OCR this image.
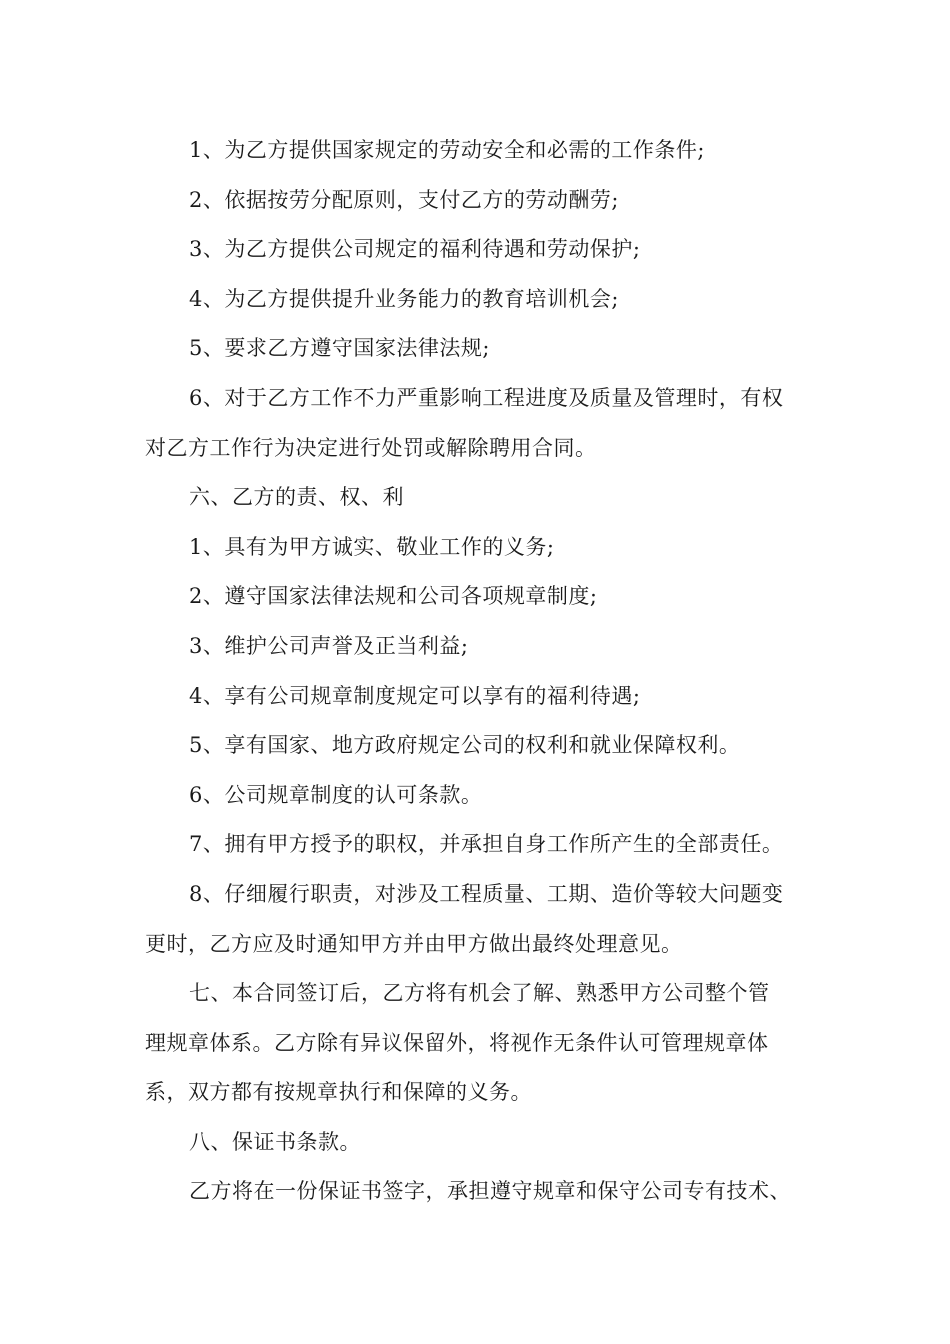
1、为乙方提供国家规定的劳动安全和必需的工作条件;
2、依据按劳分配原则，支付乙方的劳动酬劳;
3、为乙方提供公司规定的福利待遇和劳动保护;
4、为乙方提供提升业务能力的教育培训机会;
5、要求乙方遵守国家法律法规;
6、对于乙方工作不力严重影响工程进度及质量及管理时，有权
对乙方工作行为决定进行处罚或解除聘用合同。
六、乙方的责、权、利
1、具有为甲方诚实、敬业工作的义务;
2、遵守国家法律法规和公司各项规章制度;
3、维护公司声誉及正当利益;
4、享有公司规章制度规定可以享有的福利待遇;
5、享有国家、地方政府规定公司的权利和就业保障权利。
6、公司规章制度的认可条款。
7、拥有甲方授予的职权，并承担自身工作所产生的全部责任。
8、仔细履行职责，对涉及工程质量、工期、造价等较大问题变
更时，乙方应及时通知甲方并由甲方做出最终处理意见。
七、本合同签订后，乙方将有机会了解、熟悉甲方公司整个管
理规章体系。乙方除有异议保留外，将视作无条件认可管理规章体
系，双方都有按规章执行和保障的义务。
八、保证书条款。
乙方将在一份保证书签字，承担遵守规章和保守公司专有技术、
